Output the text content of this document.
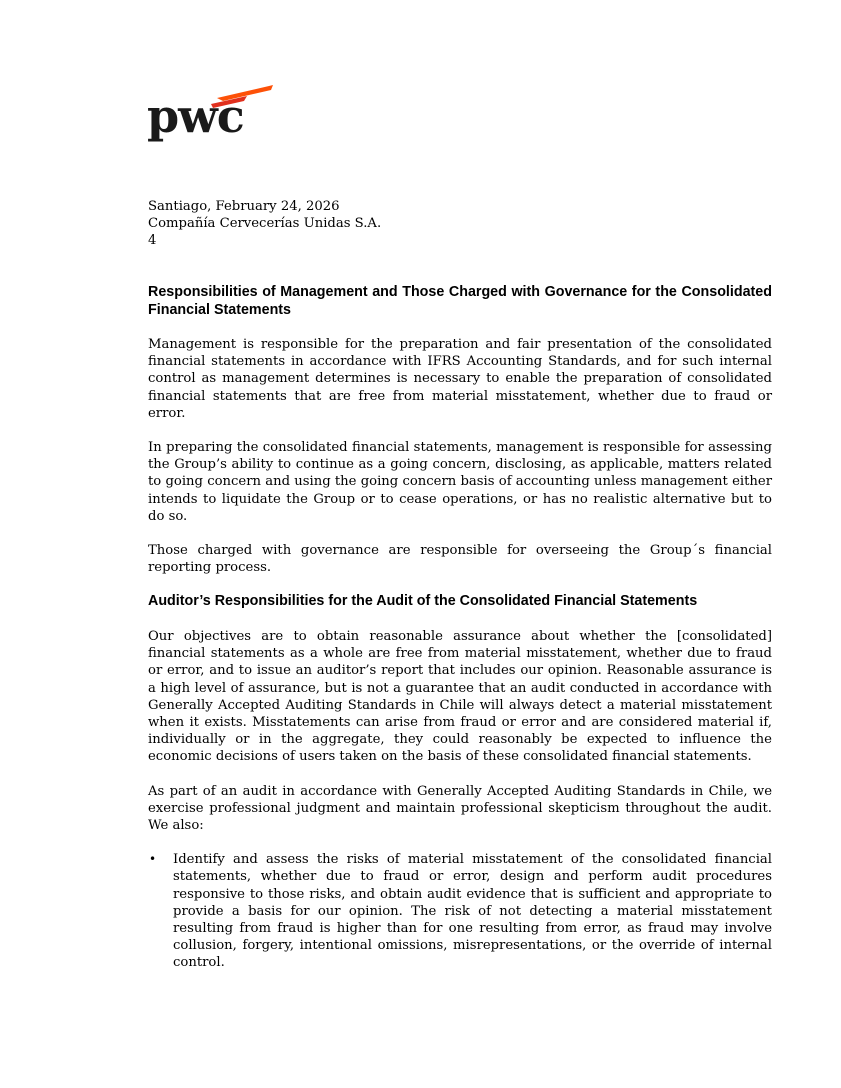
pwc

Santiago, February 24, 2026

Compañía Cervecerías Unidas S.A.

4

Responsibilities of Management and Those Charged with Governance for the Consolidated Financial Statements

Management is responsible for the preparation and fair presentation of the consolidated financial statements in accordance with IFRS Accounting Standards, and for such internal control as management determines is necessary to enable the preparation of consolidated financial statements that are free from material misstatement, whether due to fraud or error.

In preparing the consolidated financial statements, management is responsible for assessing the Group’s ability to continue as a going concern, disclosing, as applicable, matters related to going concern and using the going concern basis of accounting unless management either intends to liquidate the Group or to cease operations, or has no realistic alternative but to do so.

Those charged with governance are responsible for overseeing the Group´s financial reporting process.

Auditor’s Responsibilities for the Audit of the Consolidated Financial Statements

Our objectives are to obtain reasonable assurance about whether the [consolidated] financial statements as a whole are free from material misstatement, whether due to fraud or error, and to issue an auditor’s report that includes our opinion. Reasonable assurance is a high level of assurance, but is not a guarantee that an audit conducted in accordance with Generally Accepted Auditing Standards in Chile will always detect a material misstatement when it exists. Misstatements can arise from fraud or error and are considered material if, individually or in the aggregate, they could reasonably be expected to influence the economic decisions of users taken on the basis of these consolidated financial statements.

As part of an audit in accordance with Generally Accepted Auditing Standards in Chile, we exercise professional judgment and maintain professional skepticism throughout the audit. We also:

• Identify and assess the risks of material misstatement of the consolidated financial statements, whether due to fraud or error, design and perform audit procedures responsive to those risks, and obtain audit evidence that is sufficient and appropriate to provide a basis for our opinion. The risk of not detecting a material misstatement resulting from fraud is higher than for one resulting from error, as fraud may involve collusion, forgery, intentional omissions, misrepresentations, or the override of internal control.
